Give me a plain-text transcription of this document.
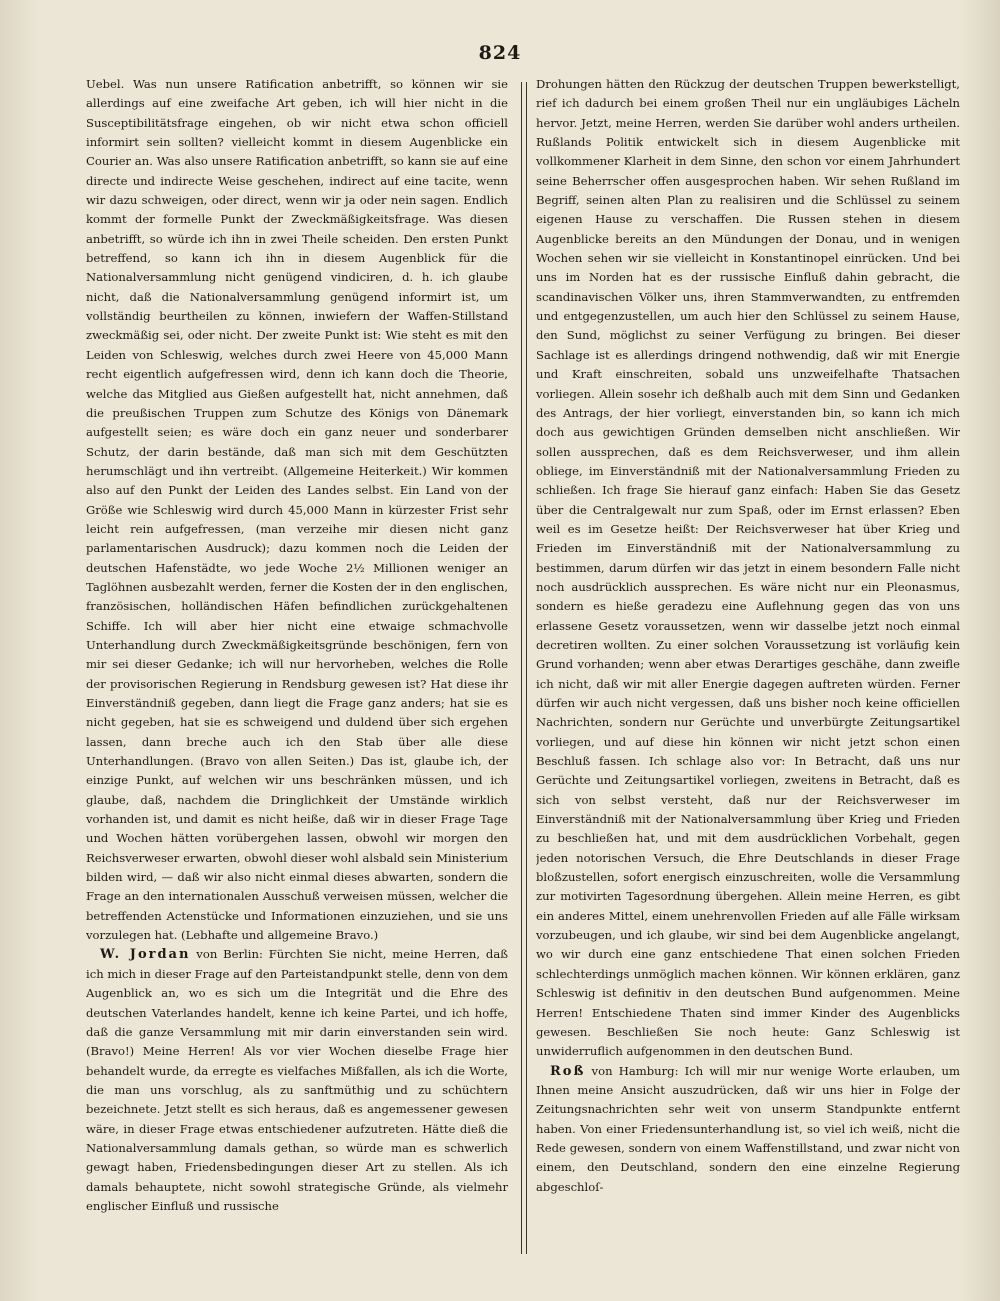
824

Uebel. Was nun unsere Ratification anbetrifft, so können wir sie allerdings auf eine zweifache Art geben, ich will hier nicht in die Susceptibilitätsfrage eingehen, ob wir nicht etwa schon officiell informirt sein sollten? vielleicht kommt in diesem Augenblicke ein Courier an. Was also unsere Ratification anbetrifft, so kann sie auf eine directe und indirecte Weise geschehen, indirect auf eine tacite, wenn wir dazu schweigen, oder direct, wenn wir ja oder nein sagen. Endlich kommt der formelle Punkt der Zweckmäßigkeitsfrage. Was diesen anbetrifft, so würde ich ihn in zwei Theile scheiden. Den ersten Punkt betreffend, so kann ich ihn in diesem Augenblick für die Nationalversammlung nicht genügend vindiciren, d. h. ich glaube nicht, daß die Nationalversammlung genügend informirt ist, um vollständig beurtheilen zu können, inwiefern der Waffen-Stillstand zweckmäßig sei, oder nicht. Der zweite Punkt ist: Wie steht es mit den Leiden von Schleswig, welches durch zwei Heere von 45,000 Mann recht eigentlich aufgefressen wird, denn ich kann doch die Theorie, welche das Mitglied aus Gießen aufgestellt hat, nicht annehmen, daß die preußischen Truppen zum Schutze des Königs von Dänemark aufgestellt seien; es wäre doch ein ganz neuer und sonderbarer Schutz, der darin bestände, daß man sich mit dem Geschützten herumschlägt und ihn vertreibt. (Allgemeine Heiterkeit.) Wir kommen also auf den Punkt der Leiden des Landes selbst. Ein Land von der Größe wie Schleswig wird durch 45,000 Mann in kürzester Frist sehr leicht rein aufgefressen, (man verzeihe mir diesen nicht ganz parlamentarischen Ausdruck); dazu kommen noch die Leiden der deutschen Hafenstädte, wo jede Woche 2½ Millionen weniger an Taglöhnen ausbezahlt werden, ferner die Kosten der in den englischen, französischen, holländischen Häfen befindlichen zurückgehaltenen Schiffe. Ich will aber hier nicht eine etwaige schmachvolle Unterhandlung durch Zweckmäßigkeitsgründe beschönigen, fern von mir sei dieser Gedanke; ich will nur hervorheben, welches die Rolle der provisorischen Regierung in Rendsburg gewesen ist? Hat diese ihr Einverständniß gegeben, dann liegt die Frage ganz anders; hat sie es nicht gegeben, hat sie es schweigend und duldend über sich ergehen lassen, dann breche auch ich den Stab über alle diese Unterhandlungen. (Bravo von allen Seiten.) Das ist, glaube ich, der einzige Punkt, auf welchen wir uns beschränken müssen, und ich glaube, daß, nachdem die Dringlichkeit der Umstände wirklich vorhanden ist, und damit es nicht heiße, daß wir in dieser Frage Tage und Wochen hätten vorübergehen lassen, obwohl wir morgen den Reichsverweser erwarten, obwohl dieser wohl alsbald sein Ministerium bilden wird, — daß wir also nicht einmal dieses abwarten, sondern die Frage an den internationalen Ausschuß verweisen müssen, welcher die betreffenden Actenstücke und Informationen einzuziehen, und sie uns vorzulegen hat. (Lebhafte und allgemeine Bravo.)

W. Jordan von Berlin: Fürchten Sie nicht, meine Herren, daß ich mich in dieser Frage auf den Parteistandpunkt stelle, denn von dem Augenblick an, wo es sich um die Integrität und die Ehre des deutschen Vaterlandes handelt, kenne ich keine Partei, und ich hoffe, daß die ganze Versammlung mit mir darin einverstanden sein wird. (Bravo!) Meine Herren! Als vor vier Wochen dieselbe Frage hier behandelt wurde, da erregte es vielfaches Mißfallen, als ich die Worte, die man uns vorschlug, als zu sanftmüthig und zu schüchtern bezeichnete. Jetzt stellt es sich heraus, daß es angemessener gewesen wäre, in dieser Frage etwas entschiedener aufzutreten. Hätte dieß die Nationalversammlung damals gethan, so würde man es schwerlich gewagt haben, Friedensbedingungen dieser Art zu stellen. Als ich damals behauptete, nicht sowohl strategische Gründe, als vielmehr englischer Einfluß und russische

Drohungen hätten den Rückzug der deutschen Truppen bewerkstelligt, rief ich dadurch bei einem großen Theil nur ein ungläubiges Lächeln hervor. Jetzt, meine Herren, werden Sie darüber wohl anders urtheilen. Rußlands Politik entwickelt sich in diesem Augenblicke mit vollkommener Klarheit in dem Sinne, den schon vor einem Jahrhundert seine Beherrscher offen ausgesprochen haben. Wir sehen Rußland im Begriff, seinen alten Plan zu realisiren und die Schlüssel zu seinem eigenen Hause zu verschaffen. Die Russen stehen in diesem Augenblicke bereits an den Mündungen der Donau, und in wenigen Wochen sehen wir sie vielleicht in Konstantinopel einrücken. Und bei uns im Norden hat es der russische Einfluß dahin gebracht, die scandinavischen Völker uns, ihren Stammverwandten, zu entfremden und entgegenzustellen, um auch hier den Schlüssel zu seinem Hause, den Sund, möglichst zu seiner Verfügung zu bringen. Bei dieser Sachlage ist es allerdings dringend nothwendig, daß wir mit Energie und Kraft einschreiten, sobald uns unzweifelhafte Thatsachen vorliegen. Allein sosehr ich deßhalb auch mit dem Sinn und Gedanken des Antrags, der hier vorliegt, einverstanden bin, so kann ich mich doch aus gewichtigen Gründen demselben nicht anschließen. Wir sollen aussprechen, daß es dem Reichsverweser, und ihm allein obliege, im Einverständniß mit der Nationalversammlung Frieden zu schließen. Ich frage Sie hierauf ganz einfach: Haben Sie das Gesetz über die Centralgewalt nur zum Spaß, oder im Ernst erlassen? Eben weil es im Gesetze heißt: Der Reichsverweser hat über Krieg und Frieden im Einverständniß mit der Nationalversammlung zu bestimmen, darum dürfen wir das jetzt in einem besondern Falle nicht noch ausdrücklich aussprechen. Es wäre nicht nur ein Pleonasmus, sondern es hieße geradezu eine Auflehnung gegen das von uns erlassene Gesetz voraussetzen, wenn wir dasselbe jetzt noch einmal decretiren wollten. Zu einer solchen Voraussetzung ist vorläufig kein Grund vorhanden; wenn aber etwas Derartiges geschähe, dann zweifle ich nicht, daß wir mit aller Energie dagegen auftreten würden. Ferner dürfen wir auch nicht vergessen, daß uns bisher noch keine officiellen Nachrichten, sondern nur Gerüchte und unverbürgte Zeitungsartikel vorliegen, und auf diese hin können wir nicht jetzt schon einen Beschluß fassen. Ich schlage also vor: In Betracht, daß uns nur Gerüchte und Zeitungsartikel vorliegen, zweitens in Betracht, daß es sich von selbst versteht, daß nur der Reichsverweser im Einverständniß mit der Nationalversammlung über Krieg und Frieden zu beschließen hat, und mit dem ausdrücklichen Vorbehalt, gegen jeden notorischen Versuch, die Ehre Deutschlands in dieser Frage bloßzustellen, sofort energisch einzuschreiten, wolle die Versammlung zur motivirten Tagesordnung übergehen. Allein meine Herren, es gibt ein anderes Mittel, einem unehrenvollen Frieden auf alle Fälle wirksam vorzubeugen, und ich glaube, wir sind bei dem Augenblicke angelangt, wo wir durch eine ganz entschiedene That einen solchen Frieden schlechterdings unmöglich machen können. Wir können erklären, ganz Schleswig ist definitiv in den deutschen Bund aufgenommen. Meine Herren! Entschiedene Thaten sind immer Kinder des Augenblicks gewesen. Beschließen Sie noch heute: Ganz Schleswig ist unwiderruflich aufgenommen in den deutschen Bund.

Roß von Hamburg: Ich will mir nur wenige Worte erlauben, um Ihnen meine Ansicht auszudrücken, daß wir uns hier in Folge der Zeitungsnachrichten sehr weit von unserm Standpunkte entfernt haben. Von einer Friedensunterhandlung ist, so viel ich weiß, nicht die Rede gewesen, sondern von einem Waffenstillstand, und zwar nicht von einem, den Deutschland, sondern den eine einzelne Regierung abgeschloſ-
